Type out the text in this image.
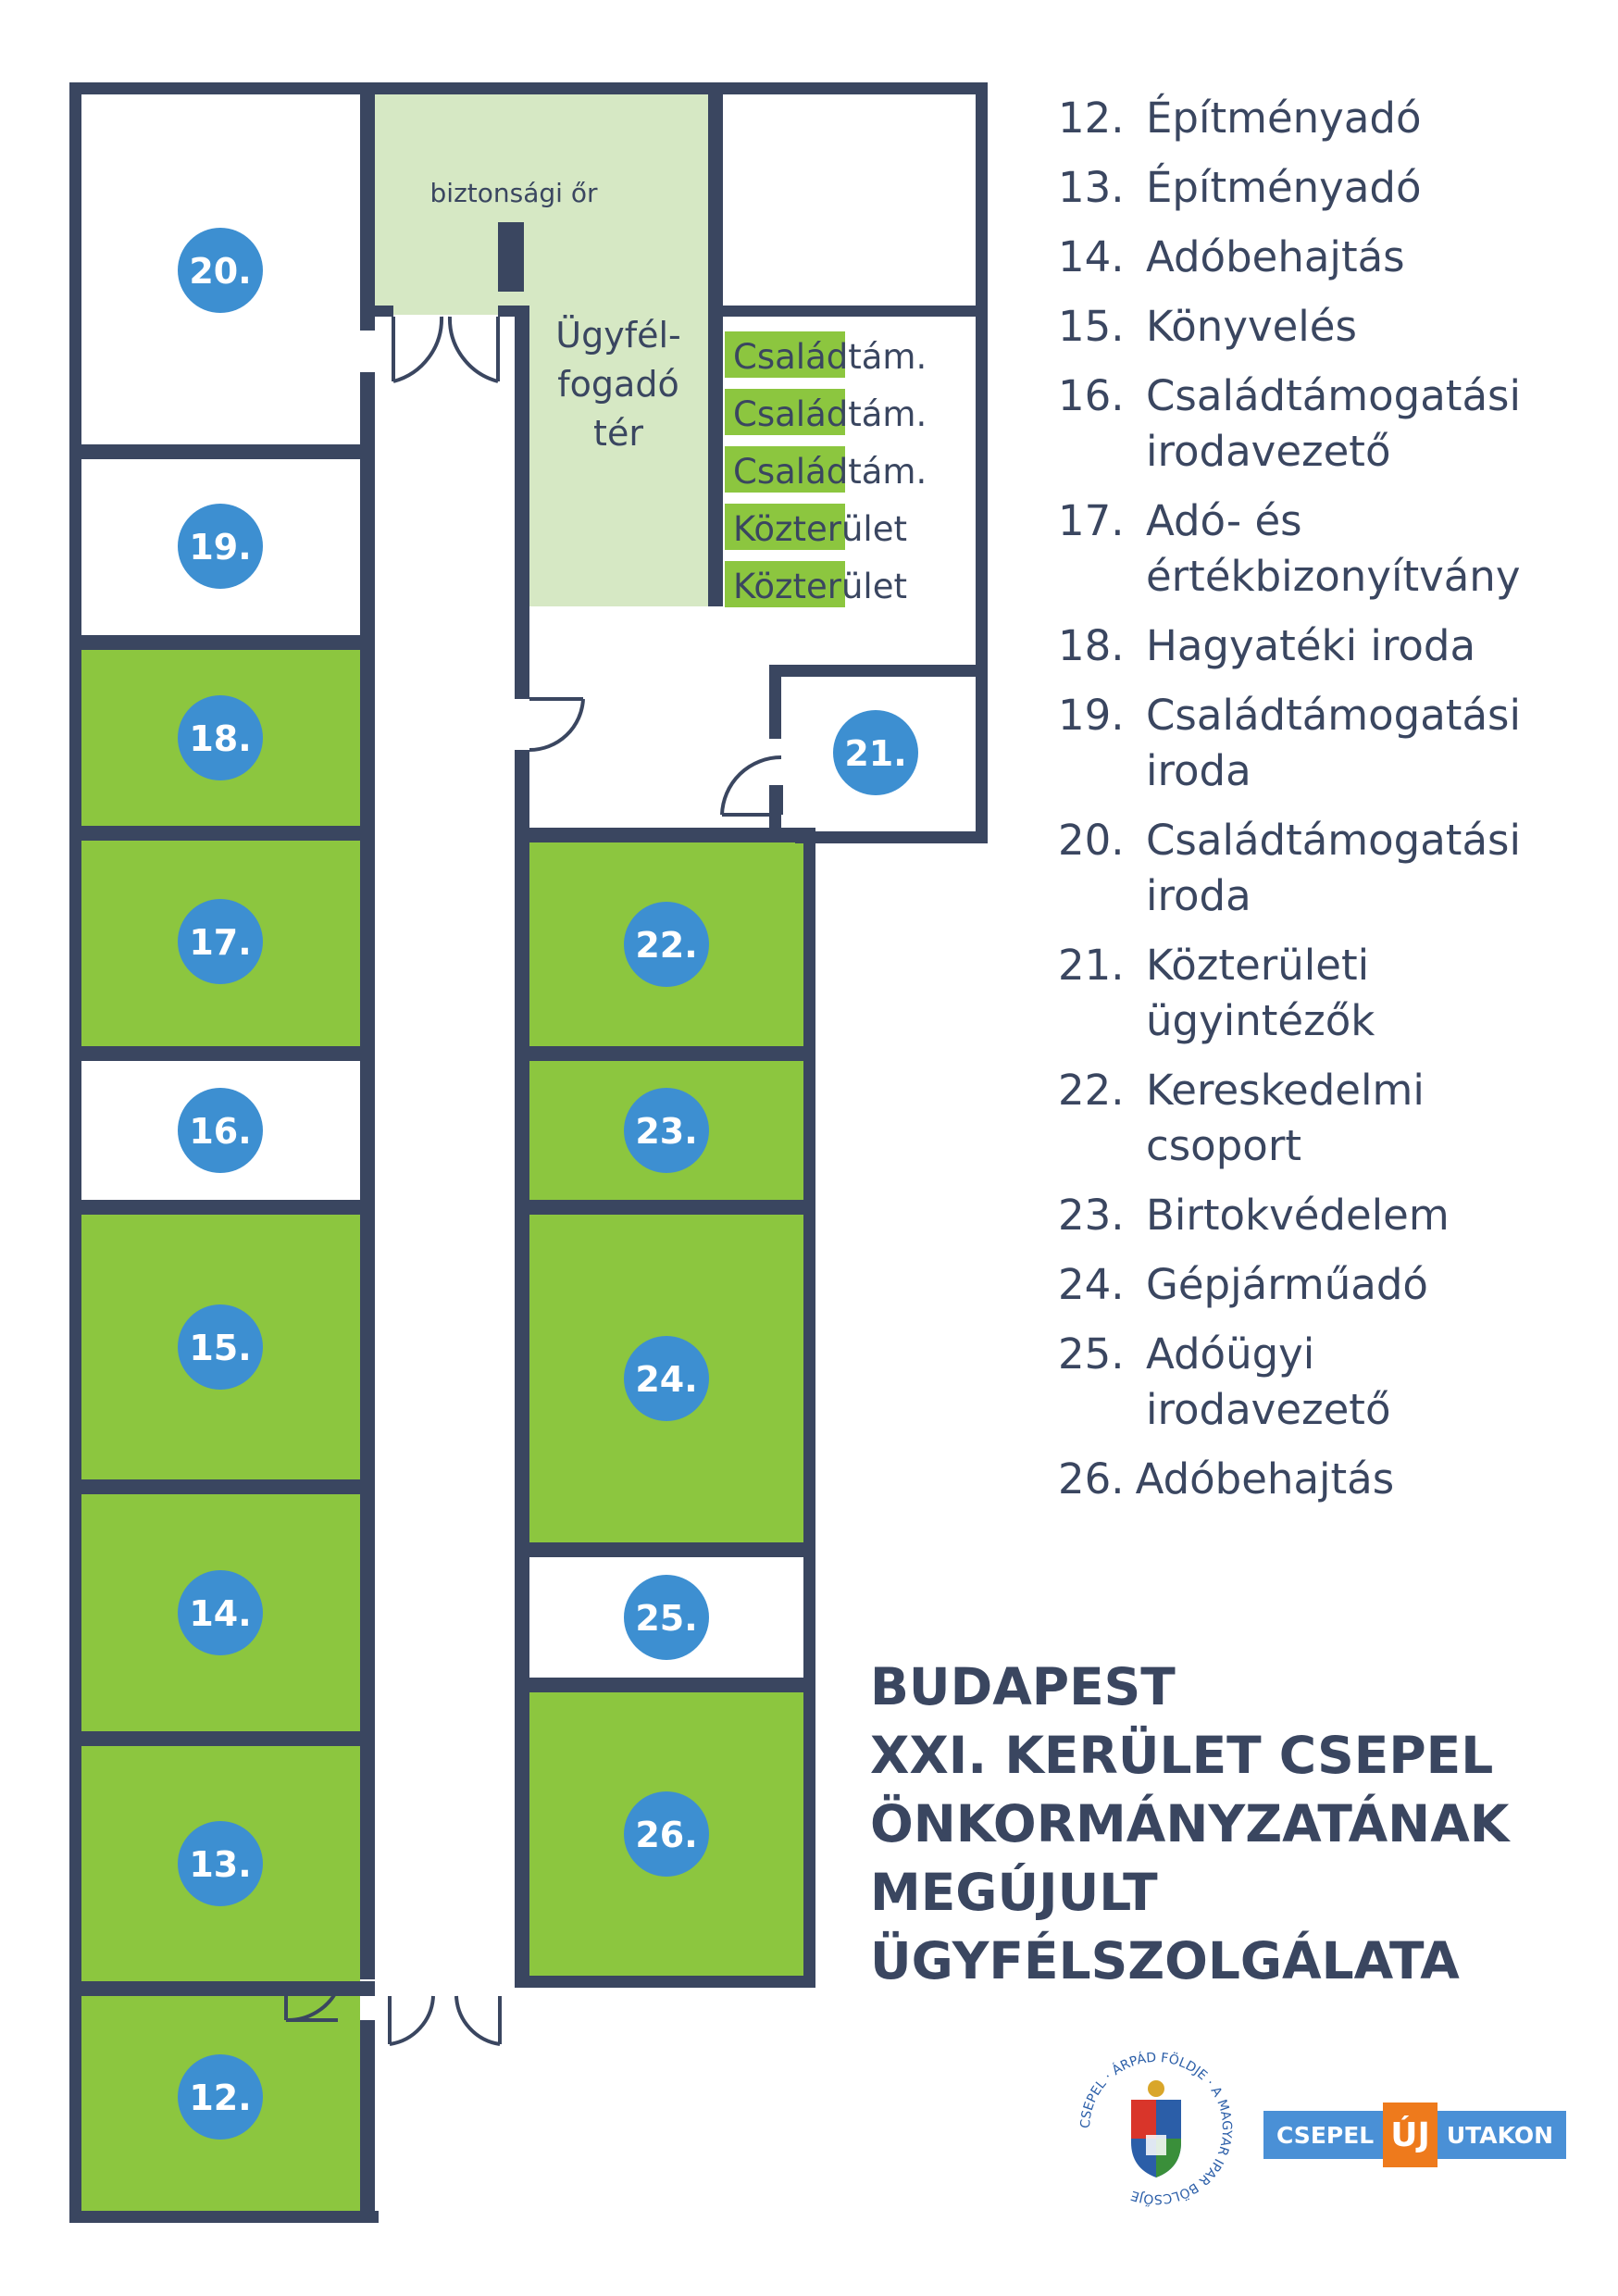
20.
19.
18.
17.
16.
15.
14.
13.
12.
21.
22.
23.
24.
25.
26.
biztonsági őr
Ügyfél-
fogadó
tér
Családtám.
Családtám.
Családtám.
Közterület
Közterület
12. Építményadó
13. Építményadó
14. Adóbehajtás
15. Könyvelés
16. Családtámogatási
irodavezető
17. Adó- és
értékbizonyítvány
18. Hagyatéki iroda
19. Családtámogatási
iroda
20. Családtámogatási
iroda
21. Közterületi
ügyintézők
22. Kereskedelmi
csoport
23. Birtokvédelem
24. Gépjárműadó
25. Adóügyi
irodavezető
26. Adóbehajtás
BUDAPEST
XXI. KERÜLET CSEPEL
ÖNKORMÁNYZATÁNAK
MEGÚJULT
ÜGYFÉLSZOLGÁLATA
CSEPEL · ÁRPÁD FÖLDJE · A MAGYAR IPAR BÖLCSŐJE
CSEPEL ÚJ UTAKON
